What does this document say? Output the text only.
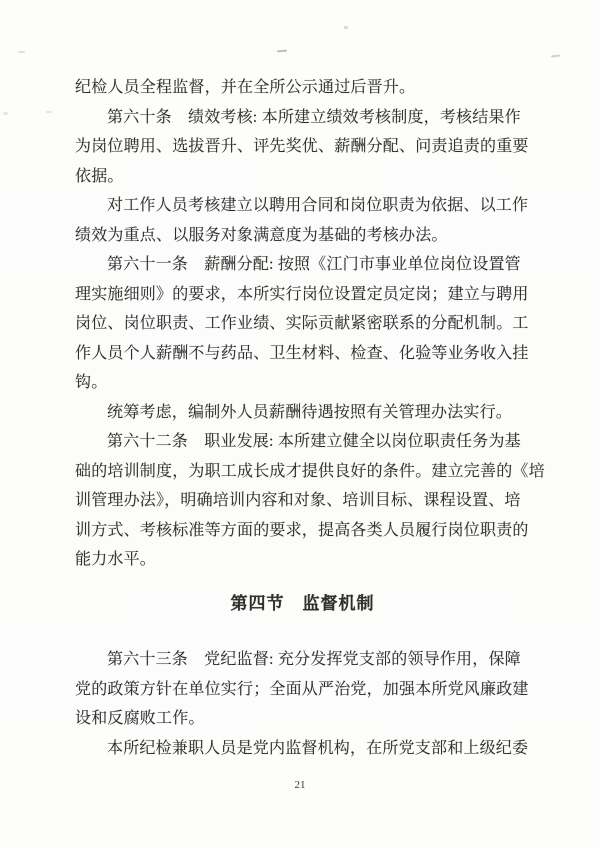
纪检人员全程监督，并在全所公示通过后晋升。
第六十条　绩效考核: 本所建立绩效考核制度，考核结果作
为岗位聘用、选拔晋升、评先奖优、薪酬分配、问责追责的重要
依据。
对工作人员考核建立以聘用合同和岗位职责为依据、以工作
绩效为重点、以服务对象满意度为基础的考核办法。
第六十一条　薪酬分配: 按照《江门市事业单位岗位设置管
理实施细则》的要求，本所实行岗位设置定员定岗；建立与聘用
岗位、岗位职责、工作业绩、实际贡献紧密联系的分配机制。工
作人员个人薪酬不与药品、卫生材料、检查、化验等业务收入挂
钩。
统筹考虑，编制外人员薪酬待遇按照有关管理办法实行。
第六十二条　职业发展: 本所建立健全以岗位职责任务为基
础的培训制度，为职工成长成才提供良好的条件。建立完善的《培
训管理办法》，明确培训内容和对象、培训目标、课程设置、培
训方式、考核标准等方面的要求，提高各类人员履行岗位职责的
能力水平。
第四节　监督机制
第六十三条　党纪监督: 充分发挥党支部的领导作用，保障
党的政策方针在单位实行；全面从严治党，加强本所党风廉政建
设和反腐败工作。
本所纪检兼职人员是党内监督机构，在所党支部和上级纪委
21
